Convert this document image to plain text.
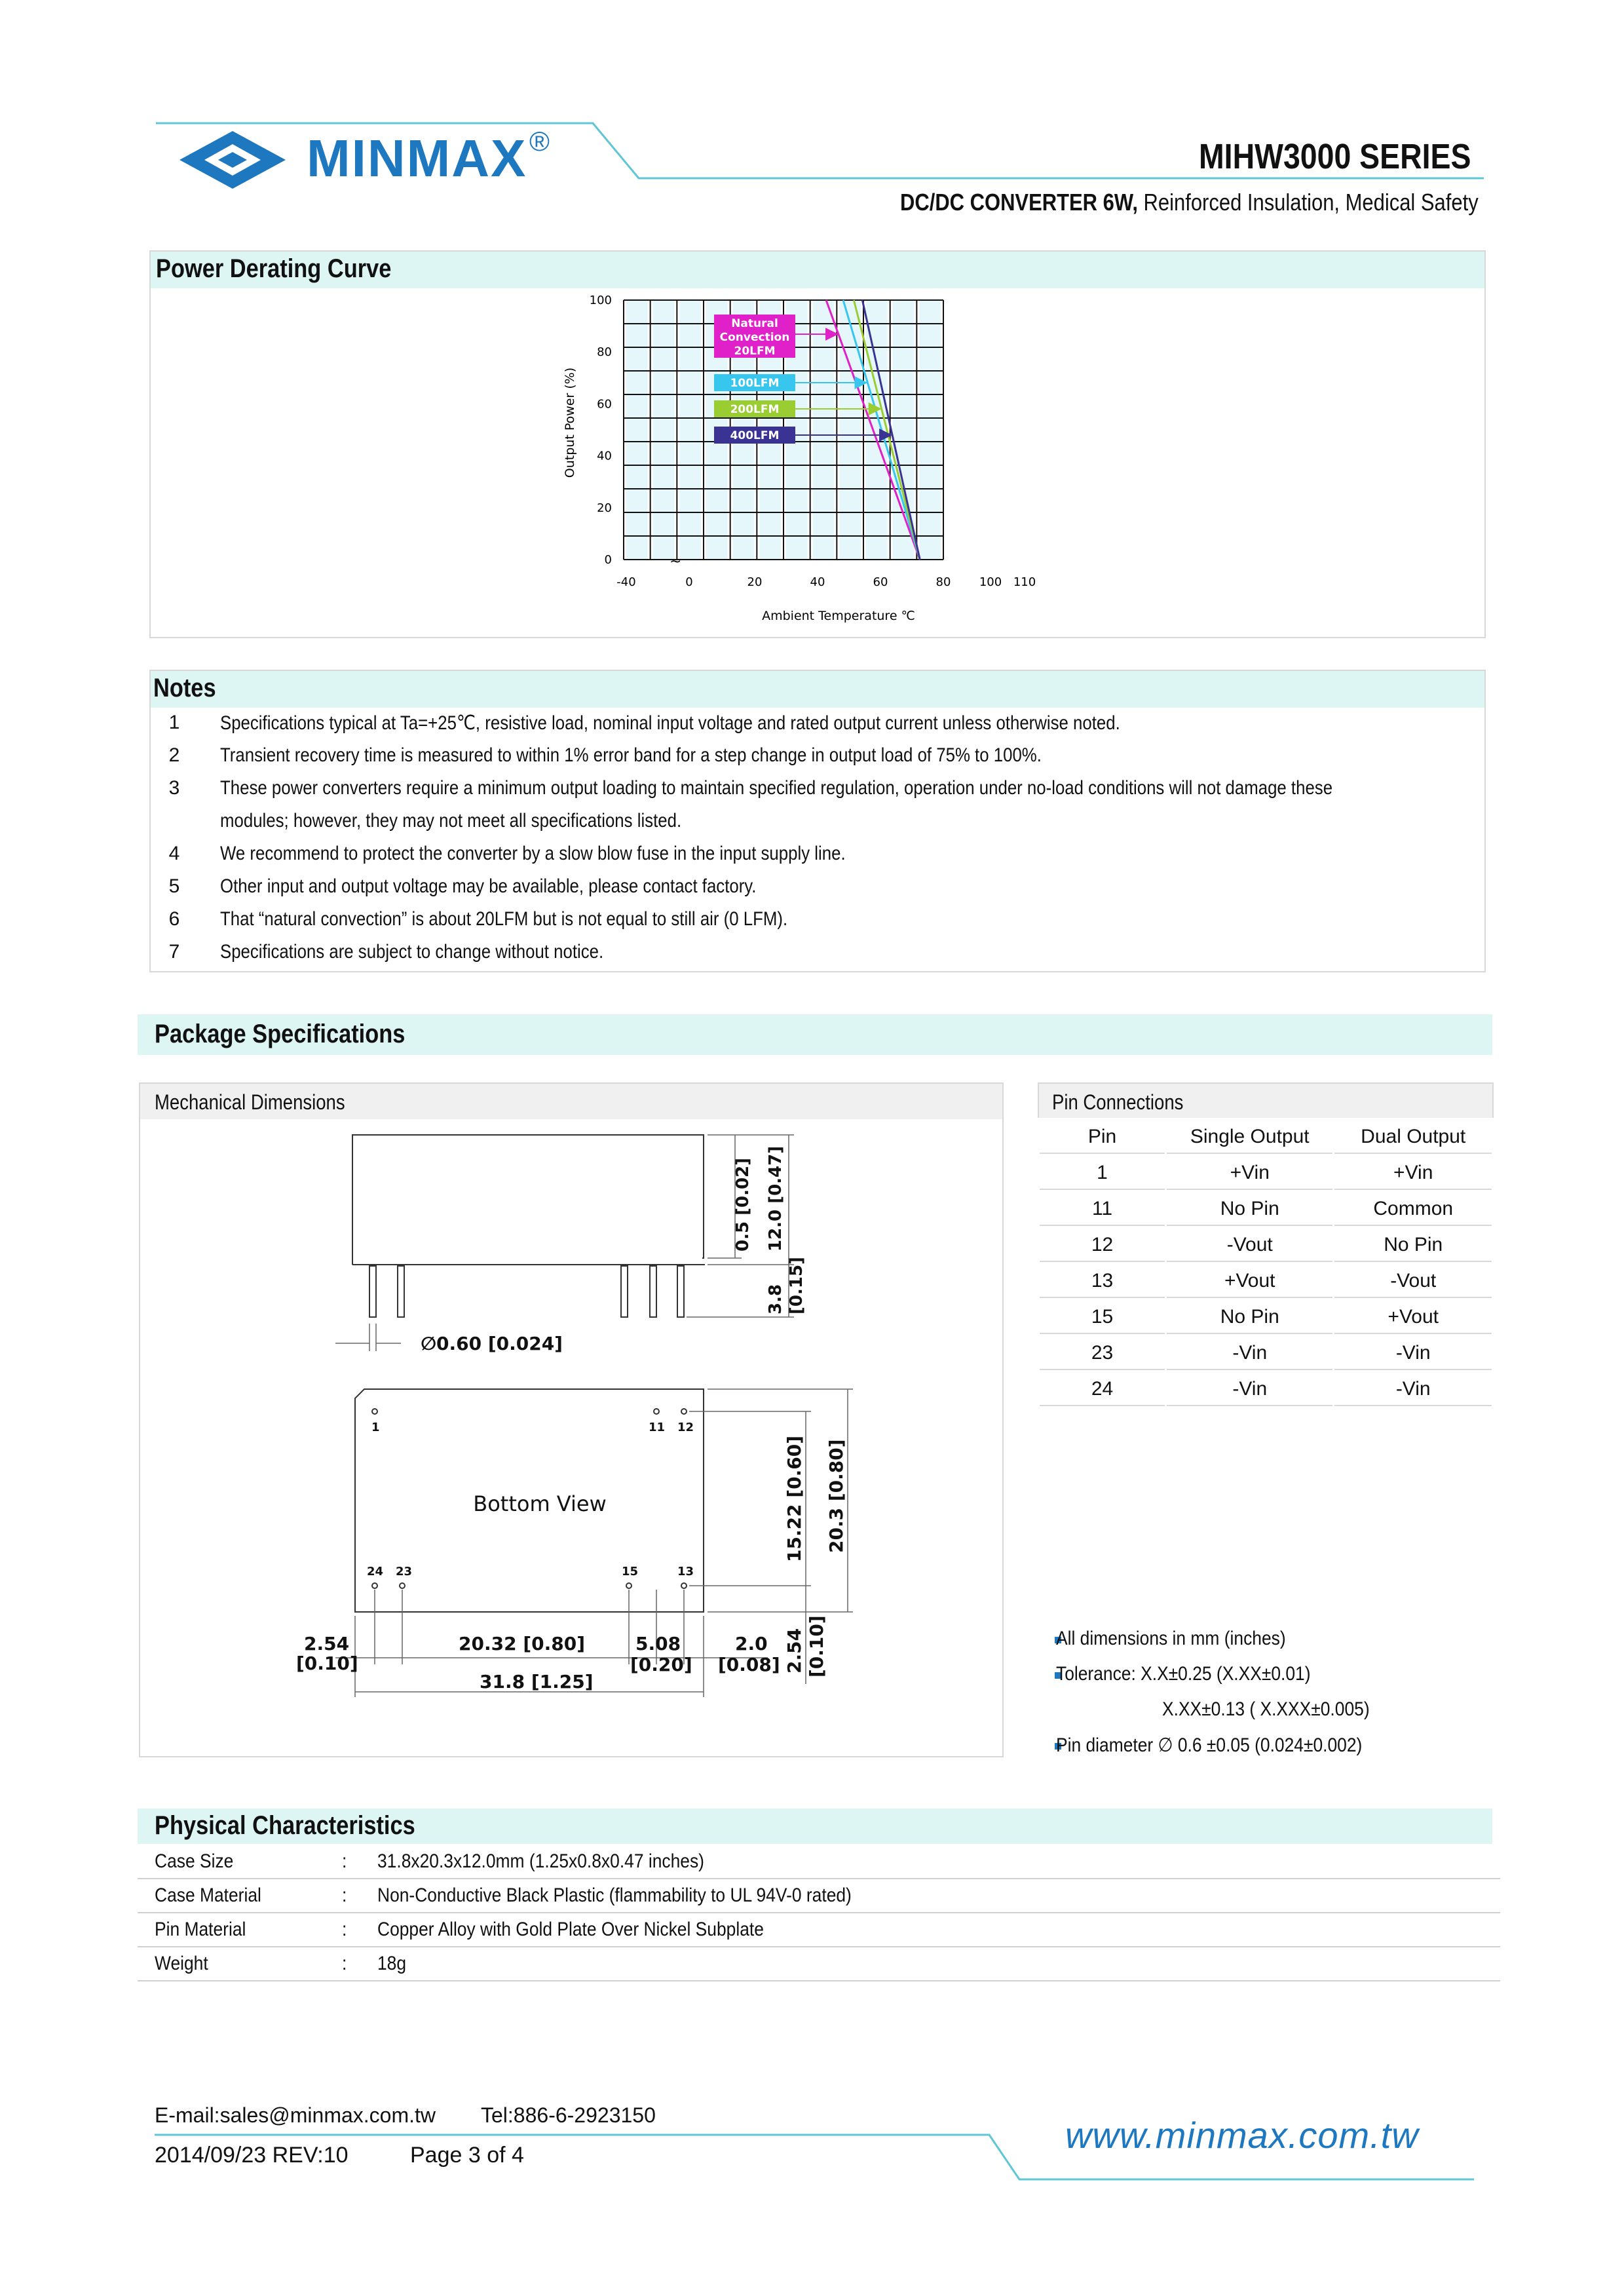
MINMAX ®	MIHW3000 SERIES
DC/DC CONVERTER 6W, Reinforced Insulation, Medical Safety
Power Derating Curve
Natural
Convection
20LFM
100LFM
200LFM
400LFM
100
80
60
40
20
0
-40	0	20	40	60	80 100 110
Output Power (%)
Ambient Temperature ℃
~
Notes
1	Specifications typical at Ta=+25℃, resistive load, nominal input voltage and rated output current unless otherwise noted.
2	Transient recovery time is measured to within 1% error band for a step change in output load of 75% to 100%.
3	These power converters require a minimum output loading to maintain specified regulation, operation under no-load conditions will not damage these
modules; however, they may not meet all specifications listed.
4	We recommend to protect the converter by a slow blow fuse in the input supply line.
5	Other input and output voltage may be available, please contact factory.
6	That “natural convection” is about 20LFM but is not equal to still air (0 LFM).
7	Specifications are subject to change without notice.
Package Specifications
Mechanical Dimensions
0.5 [0.02] 12.0 [0.47]
3.8 [0.15]
∅0.60 [0.024]
1	11 12
24 23	15	13
Bottom View	15.22 [0.60] 20.3 [0.80]
2.54 [0.10]
2.54
[0.10]
20.32 [0.80]	5.08
[0.20]
2.0
[0.08]
31.8 [1.25]
Pin Connections
Pin	Single Output	Dual Output
1	+Vin	+Vin
11	No Pin	Common
12	-Vout	No Pin
13	+Vout	-Vout
15	No Pin	+Vout
23	-Vin	-Vin
24	-Vin	-Vin
All dimensions in mm (inches)
Tolerance: X.X±0.25 (X.XX±0.01)
X.XX±0.13 ( X.XXX±0.005)
Pin diameter ∅ 0.6 ±0.05 (0.024±0.002)
Physical Characteristics
Case Size	: 31.8x20.3x12.0mm (1.25x0.8x0.47 inches)
Case Material	: Non-Conductive Black Plastic (flammability to UL 94V-0 rated)
Pin Material	: Copper Alloy with Gold Plate Over Nickel Subplate
Weight	: 18g
E-mail:sales@minmax.com.tw Tel:886-6-2923150
2014/09/23 REV:10	Page 3 of 4	www.minmax.com.tw
